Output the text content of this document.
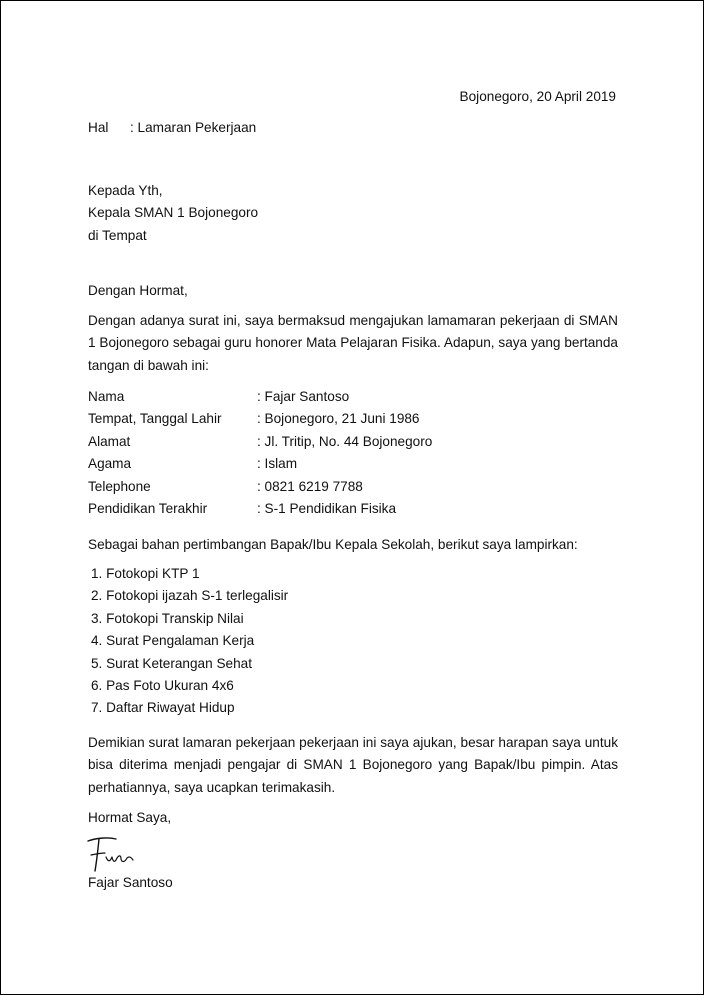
Bojonegoro, 20 April 2019
Hal : Lamaran Pekerjaan
Kepada Yth,
Kepala SMAN 1 Bojonegoro
di Tempat
Dengan Hormat,
Dengan adanya surat ini, saya bermaksud mengajukan lamamaran pekerjaan di SMAN 1 Bojonegoro sebagai guru honorer Mata Pelajaran Fisika. Adapun, saya yang bertanda tangan di bawah ini:
Nama	: Fajar Santoso
Tempat, Tanggal Lahir	: Bojonegoro, 21 Juni 1986
Alamat	: Jl. Tritip, No. 44 Bojonegoro
Agama	: Islam
Telephone	: 0821 6219 7788
Pendidikan Terakhir	: S-1 Pendidikan Fisika
Sebagai bahan pertimbangan Bapak/Ibu Kepala Sekolah, berikut saya lampirkan:
1. Fotokopi KTP 1
2. Fotokopi ijazah S-1 terlegalisir
3. Fotokopi Transkip Nilai
4. Surat Pengalaman Kerja
5. Surat Keterangan Sehat
6. Pas Foto Ukuran 4x6
7. Daftar Riwayat Hidup
Demikian surat lamaran pekerjaan pekerjaan ini saya ajukan, besar harapan saya untuk bisa diterima menjadi pengajar di SMAN 1 Bojonegoro yang Bapak/Ibu pimpin. Atas perhatiannya, saya ucapkan terimakasih.
Hormat Saya,
Fajar Santoso
